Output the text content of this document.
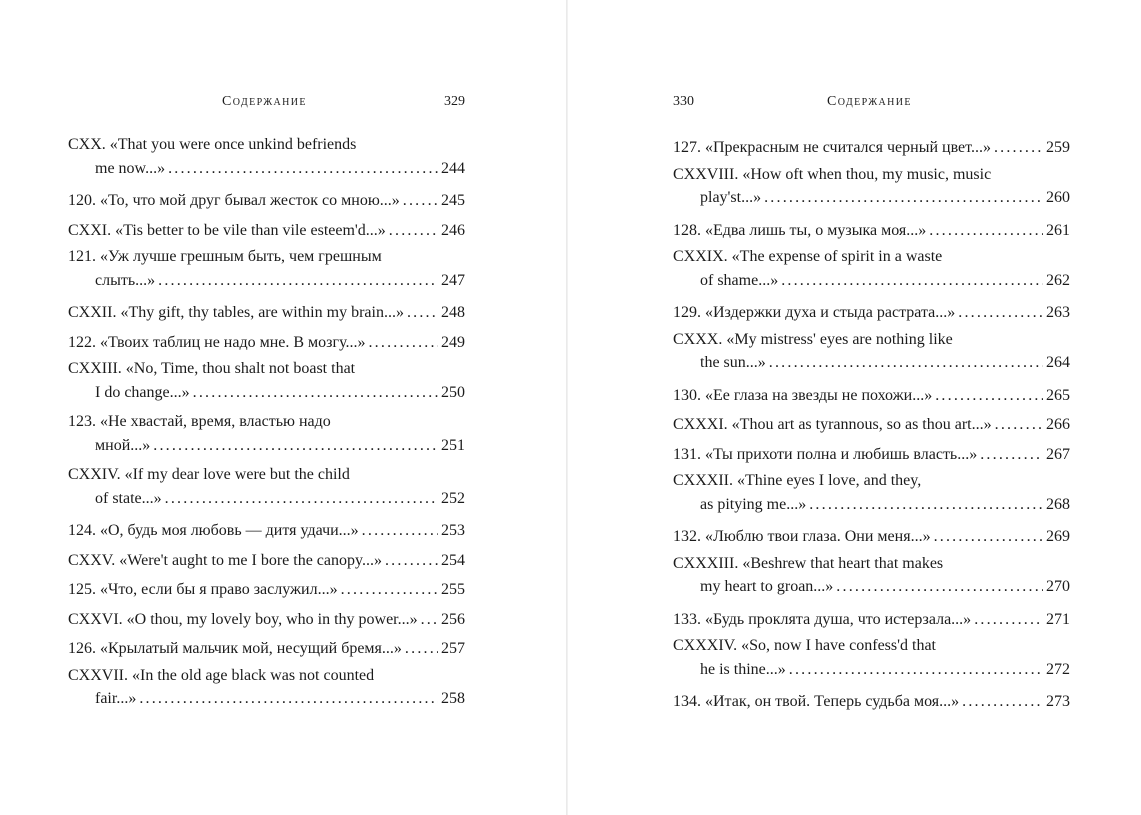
Содержание	329
CXX. «That you were once unkind befriends
me now...» .....	244
120. «То, что мой друг бывал жесток со мною...» .....	245
CXXI. «Tis better to be vile than vile esteem'd...» .....	246
121. «Уж лучше грешным быть, чем грешным
слыть...» .....	247
CXXII. «Thy gift, thy tables, are within my brain...» ..... 248
122. «Твоих таблиц не надо мне. В мозгу...» .....	249
CXXIII. «No, Time, thou shalt not boast that
I do change...» .....	250
123. «Не хвастай, время, властью надо
мной...» .....	251
CXXIV. «If my dear love were but the child
of state...» .....	252
124. «О, будь моя любовь — дитя удачи...» .....	253
CXXV. «Were't aught to me I bore the canopy...» .....	254
125. «Что, если бы я право заслужил...» .....	255
CXXVI. «O thou, my lovely boy, who in thy power...» ..... 256
126. «Крылатый мальчик мой, несущий бремя...» ..... 257
CXXVII. «In the old age black was not counted
fair...» .....	258
330	Содержание
127. «Прекрасным не считался черный цвет...» .....	259
CXXVIII. «How oft when thou, my music, music
play'st...» .....	260
128. «Едва лишь ты, о музыка моя...» .....	261
CXXIX. «The expense of spirit in a waste
of shame...» .....	262
129. «Издержки духа и стыда растрата...» .....	263
CXXX. «My mistress' eyes are nothing like
the sun...» .....	264
130. «Ее глаза на звезды не похожи...» .....	265
CXXXI. «Thou art as tyrannous, so as thou art...» .....	266
131. «Ты прихоти полна и любишь власть...» .....	267
CXXXII. «Thine eyes I love, and they,
as pitying me...» .....	268
132. «Люблю твои глаза. Они меня...» .....	269
CXXXIII. «Beshrew that heart that makes
my heart to groan...» .....	270
133. «Будь проклята душа, что истерзала...» .....	271
CXXXIV. «So, now I have confess'd that
he is thine...» .....	272
134. «Итак, он твой. Теперь судьба моя...» .....	273
